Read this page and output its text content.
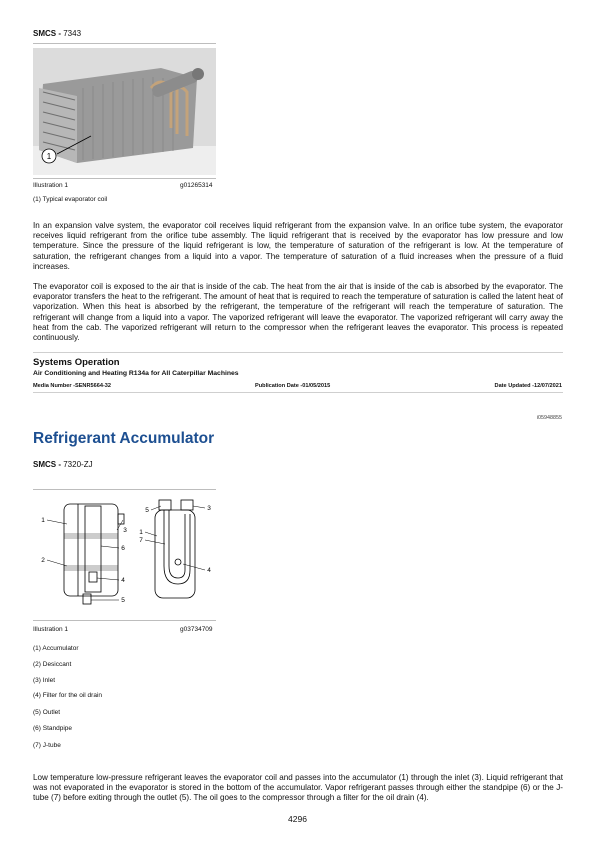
SMCS - 7343
1
Illustration 1	g01265314
(1) Typical evaporator coil
In an expansion valve system, the evaporator coil receives liquid refrigerant from the expansion valve. In an orifice tube system, the evaporator receives liquid refrigerant from the orifice tube assembly. The liquid refrigerant that is received by the evaporator has low pressure and low temperature. Since the pressure of the liquid refrigerant is low, the temperature of saturation of the refrigerant is low. At the temperature of saturation, the refrigerant changes from a liquid into a vapor. The temperature of saturation of a fluid increases when the pressure of a fluid increases.
The evaporator coil is exposed to the air that is inside of the cab. The heat from the air that is inside of the cab is absorbed by the evaporator. The evaporator transfers the heat to the refrigerant. The amount of heat that is required to reach the temperature of saturation is called the latent heat of vaporization. When this heat is absorbed by the refrigerant, the temperature of the refrigerant will reach the temperature of saturation. The refrigerant will change from a liquid into a vapor. The vaporized refrigerant will leave the evaporator. The vaporized refrigerant will carry away the heat from the cab. The vaporized refrigerant will return to the compressor when the refrigerant leaves the evaporator. This process is repeated continuously.
Systems Operation
Air Conditioning and Heating R134a for All Caterpillar Machines
Media Number -SENR5664-32	Publication Date -01/05/2015	Date Updated -12/07/2021
i05948855
Refrigerant Accumulator
SMCS - 7320-ZJ
1
2
3
4
5
6
1
3
4
5
7
Illustration 1	g03734709
(1) Accumulator
(2) Desiccant
(3) Inlet
(4) Filter for the oil drain
(5) Outlet
(6) Standpipe
(7) J-tube
Low temperature low-pressure refrigerant leaves the evaporator coil and passes into the accumulator (1) through the inlet (3). Liquid refrigerant that was not evaporated in the evaporator is stored in the bottom of the accumulator. Vapor refrigerant passes through either the standpipe (6) or the J-tube (7) before exiting through the outlet (5). The oil goes to the compressor through a filter for the oil drain (4).
4296
